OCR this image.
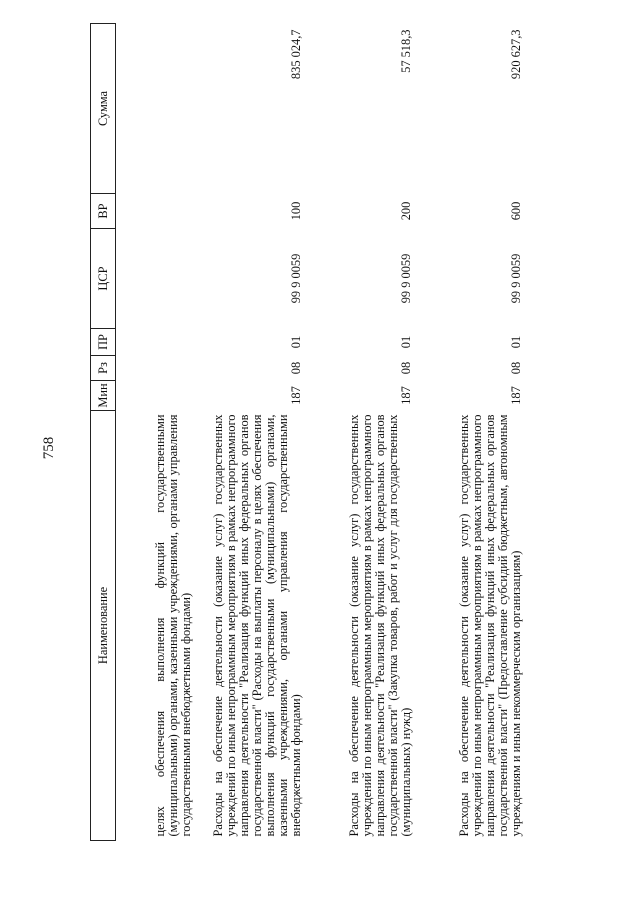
758
Наименование	Мин	Рз	ПР	ЦСР	ВР	Сумма
целях обеспечения выполнения функций государственными (муниципальными) органами, казенными учреждениями, органами управления государственными внебюджетными фондами)						
Расходы на обеспечение деятельности (оказание услуг) государственных учреждений по иным непрограммным мероприятиям в рамках непрограммного направления деятельности "Реализация функций иных федеральных органов государственной власти" (Расходы на выплаты персоналу в целях обеспечения выполнения функций государственными (муниципальными) органами, казенными учреждениями, органами управления государственными внебюджетными фондами)	187	08	01	99 9 0059	100	835 024,7
Расходы на обеспечение деятельности (оказание услуг) государственных учреждений по иным непрограммным мероприятиям в рамках непрограммного направления деятельности "Реализация функций иных федеральных органов государственной власти" (Закупка товаров, работ и услуг для государственных (муниципальных) нужд)	187	08	01	99 9 0059	200	57 518,3
Расходы на обеспечение деятельности (оказание услуг) государственных учреждений по иным непрограммным мероприятиям в рамках непрограммного направления деятельности "Реализация функций иных федеральных органов государственной власти" (Предоставление субсидий бюджетным, автономным учреждениям и иным некоммерческим организациям)	187	08	01	99 9 0059	600	920 627,3
